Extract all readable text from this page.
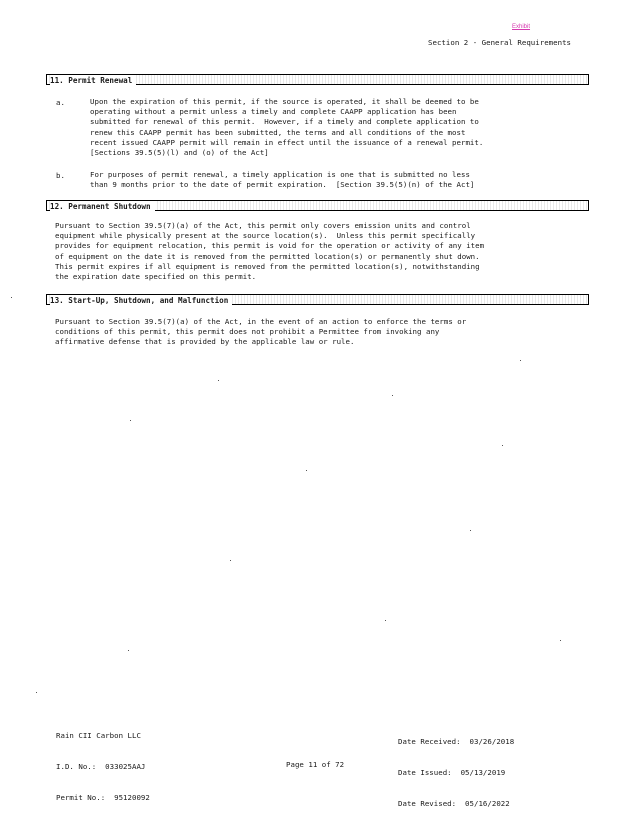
Exhibit
Section 2 - General Requirements
11. Permit Renewal
a.	Upon the expiration of this permit, if the source is operated, it shall be deemed to be
operating without a permit unless a timely and complete CAAPP application has been
submitted for renewal of this permit.  However, if a timely and complete application to
renew this CAAPP permit has been submitted, the terms and all conditions of the most
recent issued CAAPP permit will remain in effect until the issuance of a renewal permit.
[Sections 39.5(5)(l) and (o) of the Act]
b.	For purposes of permit renewal, a timely application is one that is submitted no less
than 9 months prior to the date of permit expiration.  [Section 39.5(5)(n) of the Act]
12. Permanent Shutdown
Pursuant to Section 39.5(7)(a) of the Act, this permit only covers emission units and control
equipment while physically present at the source location(s).  Unless this permit specifically
provides for equipment relocation, this permit is void for the operation or activity of any item
of equipment on the date it is removed from the permitted location(s) or permanently shut down.
This permit expires if all equipment is removed from the permitted location(s), notwithstanding
the expiration date specified on this permit.
13. Start-Up, Shutdown, and Malfunction
Pursuant to Section 39.5(7)(a) of the Act, in the event of an action to enforce the terms or
conditions of this permit, this permit does not prohibit a Permittee from invoking any
affirmative defense that is provided by the applicable law or rule.

Rain CII Carbon LLC

I.D. No.:  033025AAJ

Permit No.:  95120092

Date Received:  03/26/2018

Date Issued:  05/13/2019

Date Revised:  05/16/2022

Page 11 of 72
